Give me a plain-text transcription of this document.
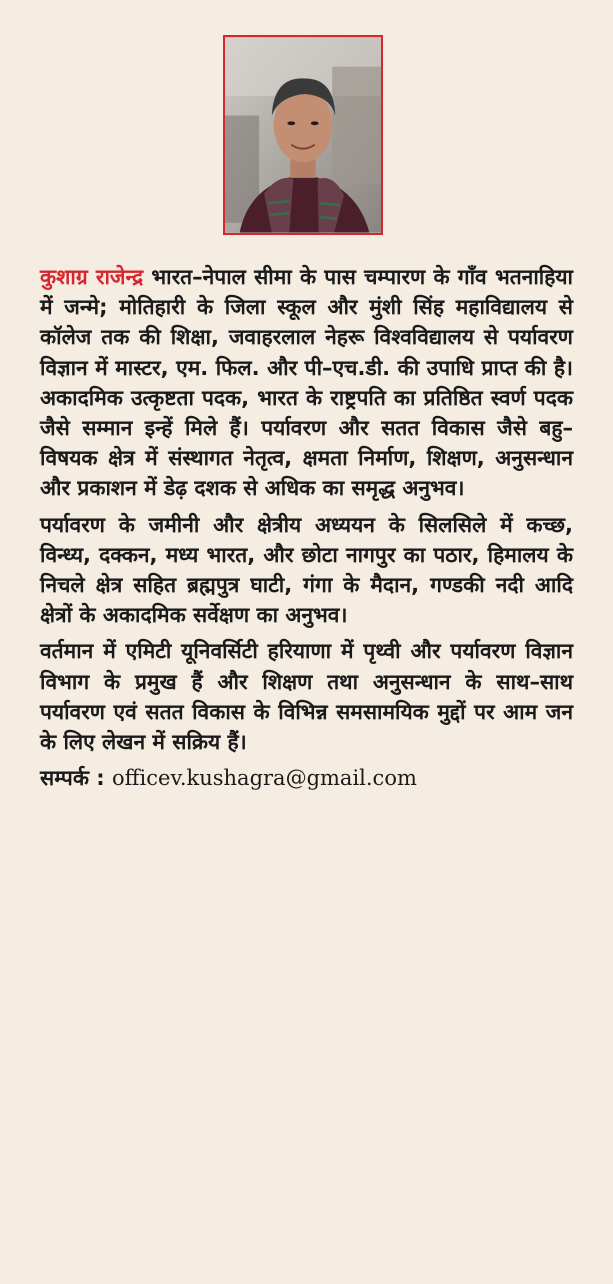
कुशाग्र राजेन्द्र भारत–नेपाल सीमा के पास चम्पारण के गाँव भतनाहिया में जन्मे; मोतिहारी के जिला स्कूल और मुंशी सिंह महाविद्यालय से कॉलेज तक की शिक्षा, जवाहरलाल नेहरू विश्वविद्यालय से पर्यावरण विज्ञान में मास्टर, एम. फिल. और पी–एच.डी. की उपाधि प्राप्त की है। अकादमिक उत्कृष्टता पदक, भारत के राष्ट्रपति का प्रतिष्ठित स्वर्ण पदक जैसे सम्मान इन्हें मिले हैं। पर्यावरण और सतत विकास जैसे बहु–विषयक क्षेत्र में संस्थागत नेतृत्व, क्षमता निर्माण, शिक्षण, अनुसन्धान और प्रकाशन में डेढ़ दशक से अधिक का समृद्ध अनुभव।

पर्यावरण के जमीनी और क्षेत्रीय अध्ययन के सिलसिले में कच्छ, विन्ध्य, दक्कन, मध्य भारत, और छोटा नागपुर का पठार, हिमालय के निचले क्षेत्र सहित ब्रह्मपुत्र घाटी, गंगा के मैदान, गण्डकी नदी आदि क्षेत्रों के अकादमिक सर्वेक्षण का अनुभव।

वर्तमान में एमिटी यूनिवर्सिटी हरियाणा में पृथ्वी और पर्यावरण विज्ञान विभाग के प्रमुख हैं और शिक्षण तथा अनुसन्धान के साथ–साथ पर्यावरण एवं सतत विकास के विभिन्न समसामयिक मुद्दों पर आम जन के लिए लेखन में सक्रिय हैं।

सम्पर्क : officev.kushagra@gmail.com
